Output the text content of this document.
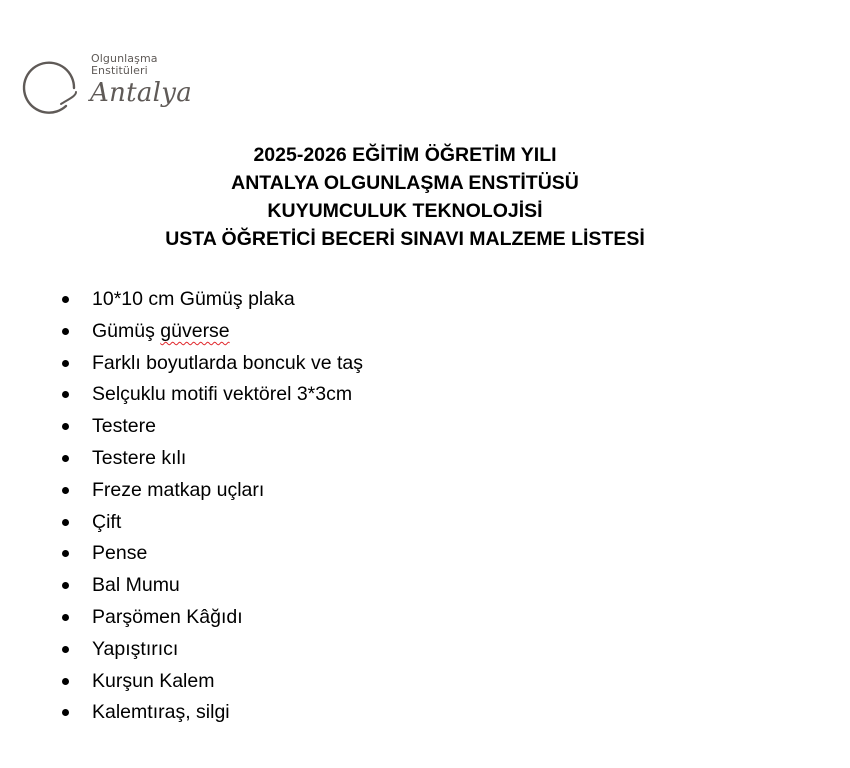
Olgunlaşma
Enstitüleri
Antalya
2025-2026 EĞİTİM ÖĞRETİM YILI
ANTALYA OLGUNLAŞMA ENSTİTÜSÜ
KUYUMCULUK TEKNOLOJİSİ
USTA ÖĞRETİCİ BECERİ SINAVI MALZEME LİSTESİ
10*10 cm Gümüş plaka
Gümüş güverse
Farklı boyutlarda boncuk ve taş
Selçuklu motifi vektörel 3*3cm
Testere
Testere kılı
Freze matkap uçları
Çift
Pense
Bal Mumu
Parşömen Kâğıdı
Yapıştırıcı
Kurşun Kalem
Kalemtıraş, silgi
